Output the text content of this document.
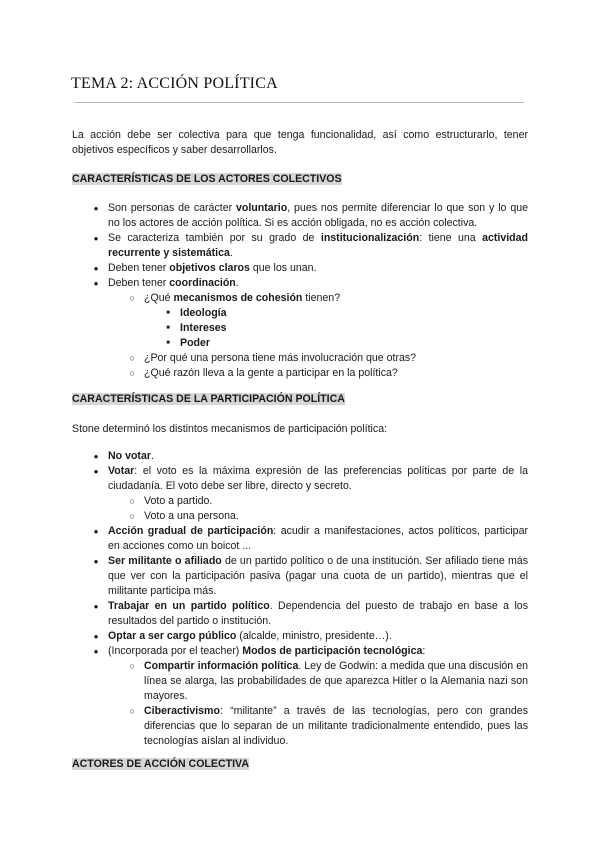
TEMA 2: ACCIÓN POLÍTICA

La acción debe ser colectiva para que tenga funcionalidad, así como estructurarlo, tener objetivos específicos y saber desarrollarlos.

CARACTERÍSTICAS DE LOS ACTORES COLECTIVOS
● Son personas de carácter voluntario, pues nos permite diferenciar lo que son y lo que no los actores de acción política. Si es acción obligada, no es acción colectiva.
● Se caracteriza también por su grado de institucionalización: tiene una actividad recurrente y sistemática.
● Deben tener objetivos claros que los unan.
● Deben tener coordinación.
○ ¿Qué mecanismos de cohesión tienen?
■ Ideología
■ Intereses
■ Poder
○ ¿Por qué una persona tiene más involucración que otras?
○ ¿Qué razón lleva a la gente a participar en la política?
CARACTERÍSTICAS DE LA PARTICIPACIÓN POLÍTICA

Stone determinó los distintos mecanismos de participación política:

● No votar.
● Votar: el voto es la máxima expresión de las preferencias políticas por parte de la ciudadanía. El voto debe ser libre, directo y secreto.
○ Voto a partido.
○ Voto a una persona.
● Acción gradual de participación: acudir a manifestaciones, actos políticos, participar en acciones como un boicot ...
● Ser militante o afiliado de un partido político o de una institución. Ser afiliado tiene más que ver con la participación pasiva (pagar una cuota de un partido), mientras que el militante participa más.
● Trabajar en un partido político. Dependencia del puesto de trabajo en base a los resultados del partido o institución.
● Optar a ser cargo público (alcalde, ministro, presidente…).
● (Incorporada por el teacher) Modos de participación tecnológica:
○ Compartir información política. Ley de Godwin: a medida que una discusión en línea se alarga, las probabilidades de que aparezca Hitler o la Alemania nazi son mayores.
○ Ciberactivismo: “militante” a través de las tecnologías, pero con grandes diferencias que lo separan de un militante tradicionalmente entendido, pues las tecnologías aíslan al individuo.
ACTORES DE ACCIÓN COLECTIVA
